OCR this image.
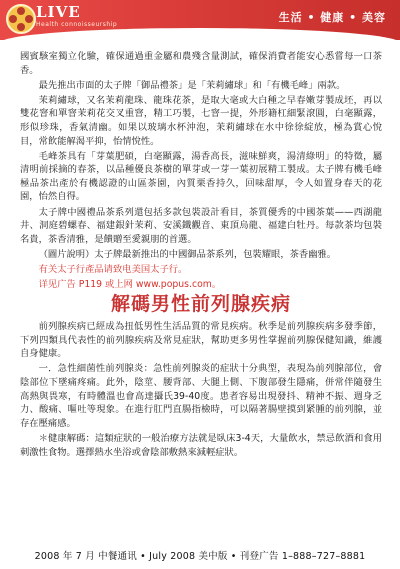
LIVE
Health connoisseurship
生活 • 健康 • 美容

國賓駭室獨立化驗，確保通過重金屬和農殘含量測試，確保消費者能安心悉嘗每一口茶香。

最先推出市面的太子牌「御品禮茶」是「茉莉繡球」和「有機毛峰」兩款。

茉莉繡球，又名茉莉龍珠、龍珠花茶，是取大毫或大白種之早春嫩芽製成坯，再以雙花窨和單窨茉莉花交叉重窨，精工巧製，七窨一提，外形籍杠細緊滾圓，白毫顯露，形似珍珠，香氣清幽。如果以玻璃水杯沖泡，茉莉繡球在水中徐徐綻放，極為賞心悅目，常飲能解渴平抑，怡情悅性。

毛峰茶具有「芽葉肥碩，白毫顯露，湯香高長，滋味鮮爽，湯清綠明」的特徵，屬清明前採摘的春茶，以品種優良茶樹的單芽或一芽一葉初展精工製成。太子牌有機毛峰極品茶出產於有機認證的山區茶園，內質栗香持久，回味甜厚，令人如置身春天的花園，怡然自得。

太子牌中國禮品茶系列還包括多款包裝設計看目，茶質優秀的中國茶葉——西湖龍井、洞庭碧螺春、福建銀針茉莉、安溪鐵觀音、東頂烏龍、福建白牡丹。每款茶均包裝名貴，茶香清雅，是饋贈至愛親朋的首選。

（圖片說明）太子牌最新推出的中國御品茶系列，包裝耀眼，茶香幽雅。

有关太子行產品请致电美国太子行。

详见广告 P119 或上网 www.popus.com。

解碼男性前列腺疾病

前列腺疾病已經成為扭低男性生活品質的常見疾病。秋季是前列腺疾病多發季節，下列四類具代表性的前列腺疾病及常見症狀，幫助更多男性掌握前列腺保健知識，維護自身健康。

一．急性細菌性前列腺炎：急性前列腺炎的症狀十分典型，表現為前列腺部位，會陰部位下墜痛疼痛。此外，陰莖、腰背部、大腿上側、下腹部發生隱痛，併常伴隨發生高熱與畏寒，有時體溫也會高達攝氏39-40度。患者容易出現發抖、精神不振、週身乏力、酸痛、嘔吐等現象。在進行肛門直腸指檢時，可以隔著腸壁摸到紧腫的前列腺，並存在壓痛感。

＊健康解碼：這類症狀的一般治療方法就是臥床3-4天，大量飲水，禁忌飲酒和食用刺激性食物。選擇熱水坐浴或會陰部敷熱來減輕症狀。

2008 年 7 月 中餐通讯 • July 2008 美中版 • 刊登广告 1–888–727–8881
